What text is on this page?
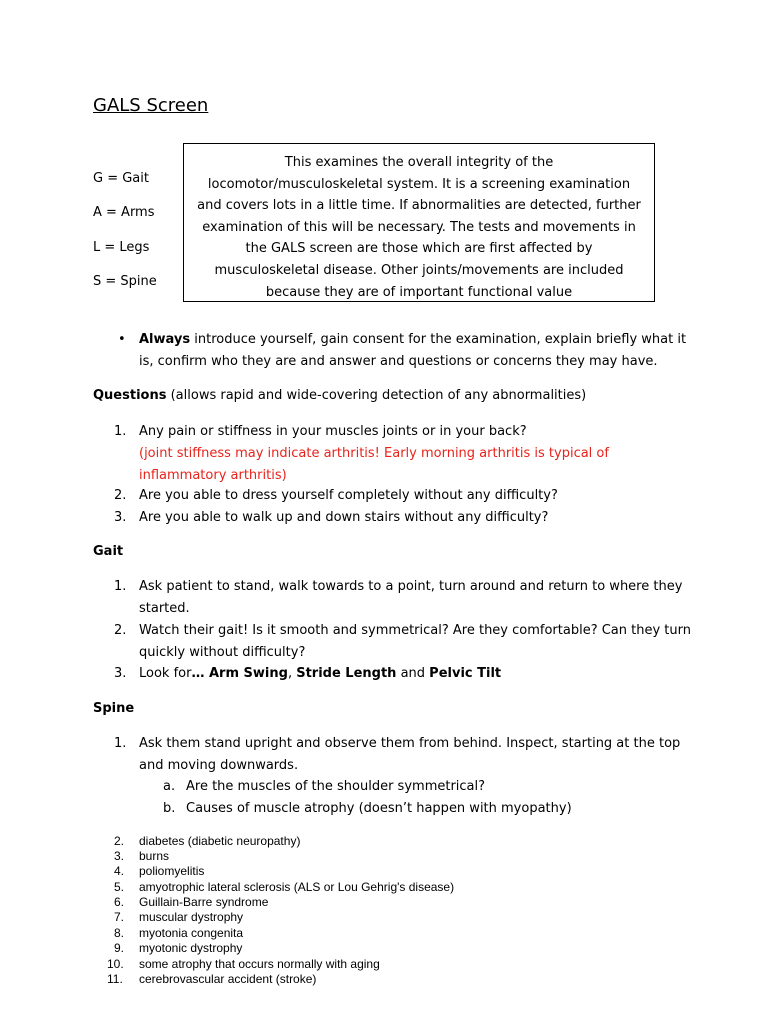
GALS Screen
G = Gait
A = Arms
L = Legs
S = Spine
This examines the overall integrity of the locomotor/musculoskeletal system. It is a screening examination and covers lots in a little time. If abnormalities are detected, further examination of this will be necessary. The tests and movements in the GALS screen are those which are first affected by musculoskeletal disease. Other joints/movements are included because they are of important functional value
• Always introduce yourself, gain consent for the examination, explain briefly what it
is, confirm who they are and answer and questions or concerns they may have.
Questions (allows rapid and wide-covering detection of any abnormalities)
1. Any pain or stiffness in your muscles joints or in your back?
(joint stiffness may indicate arthritis! Early morning arthritis is typical of
inflammatory arthritis)
2. Are you able to dress yourself completely without any difficulty?
3. Are you able to walk up and down stairs without any difficulty?
Gait
1. Ask patient to stand, walk towards to a point, turn around and return to where they
started.
2. Watch their gait! Is it smooth and symmetrical? Are they comfortable? Can they turn
quickly without difficulty?
3. Look for… Arm Swing, Stride Length and Pelvic Tilt
Spine
1. Ask them stand upright and observe them from behind. Inspect, starting at the top
and moving downwards.
a. Are the muscles of the shoulder symmetrical?
b. Causes of muscle atrophy (doesn’t happen with myopathy)
2. diabetes (diabetic neuropathy)
3. burns
4. poliomyelitis
5. amyotrophic lateral sclerosis (ALS or Lou Gehrig's disease)
6. Guillain-Barre syndrome
7. muscular dystrophy
8. myotonia congenita
9. myotonic dystrophy
10. some atrophy that occurs normally with aging
11. cerebrovascular accident (stroke)
